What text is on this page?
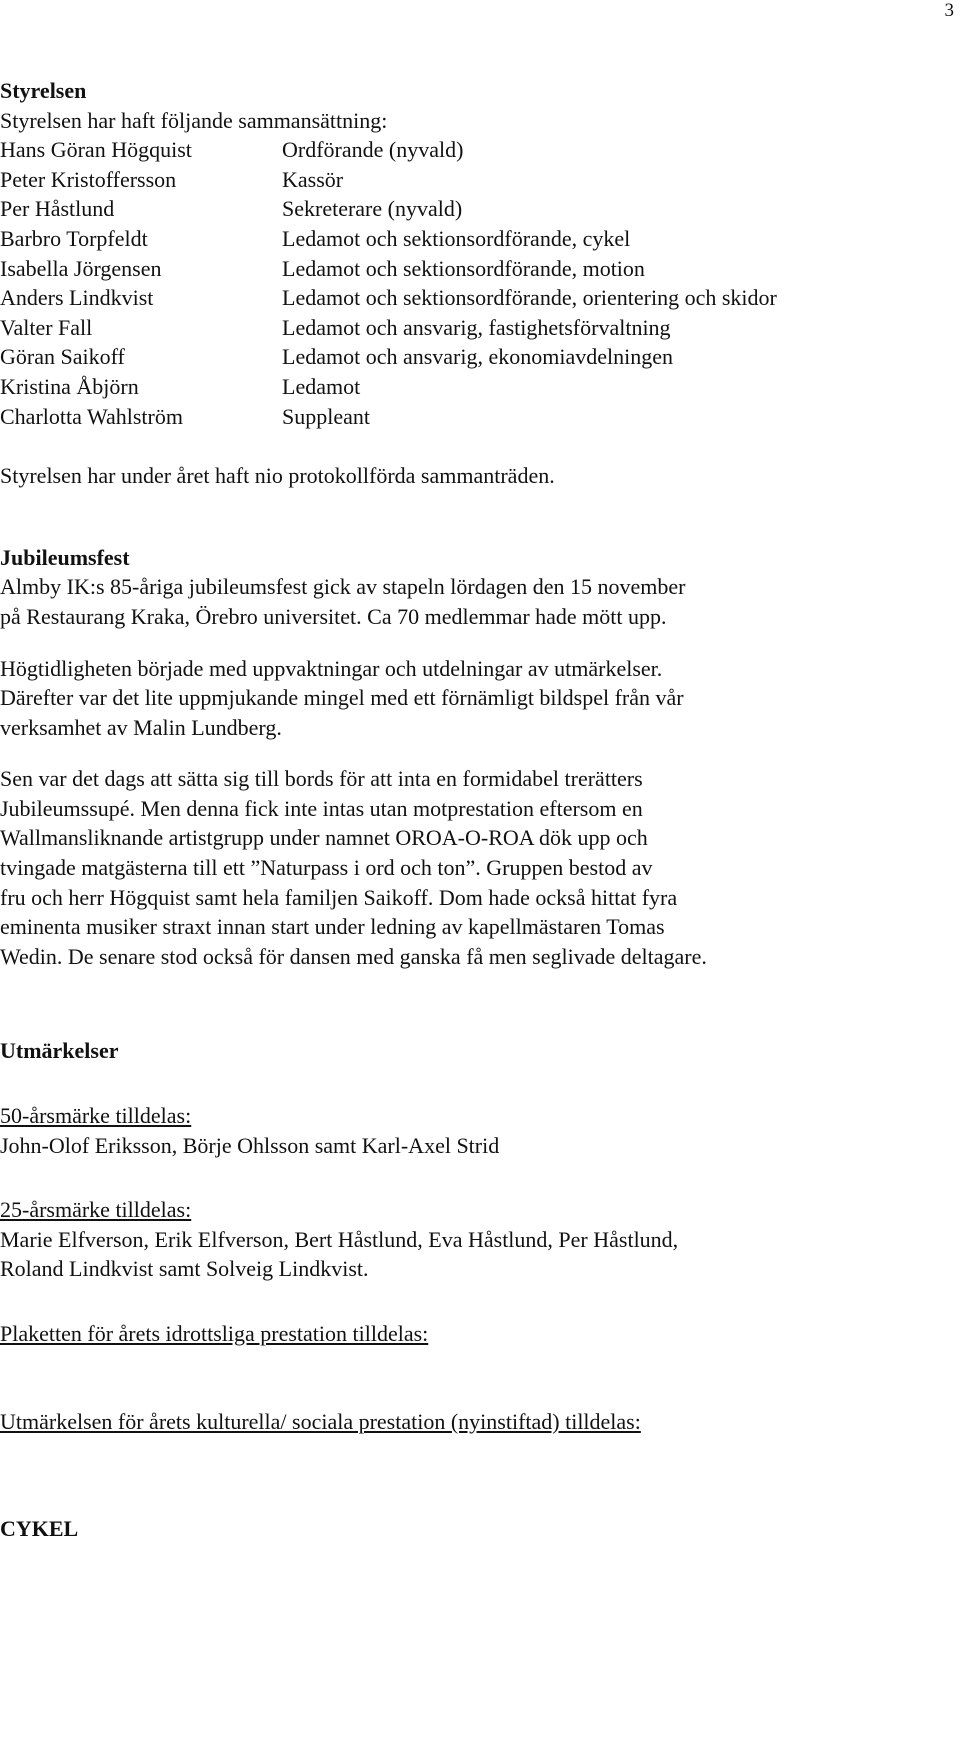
3
Styrelsen
Styrelsen har haft följande sammansättning:
Hans Göran Högquist	Ordförande (nyvald)
Peter Kristoffersson	Kassör
Per Håstlund	Sekreterare (nyvald)
Barbro Torpfeldt	Ledamot och sektionsordförande, cykel
Isabella Jörgensen	Ledamot och sektionsordförande, motion
Anders Lindkvist	Ledamot och sektionsordförande, orientering och skidor
Valter Fall	Ledamot och ansvarig, fastighetsförvaltning
Göran Saikoff	Ledamot och ansvarig, ekonomiavdelningen
Kristina Åbjörn	Ledamot
Charlotta Wahlström	Suppleant
Styrelsen har under året haft nio protokollförda sammanträden.
Jubileumsfest
Almby IK:s 85-åriga jubileumsfest gick av stapeln lördagen den 15 november
på Restaurang Kraka, Örebro universitet. Ca 70 medlemmar hade mött upp.
Högtidligheten började med uppvaktningar och utdelningar av utmärkelser.
Därefter var det lite uppmjukande mingel med ett förnämligt bildspel från vår
verksamhet av Malin Lundberg.
Sen var det dags att sätta sig till bords för att inta en formidabel trerätters
Jubileumssupé. Men denna fick inte intas utan motprestation eftersom en
Wallmansliknande artistgrupp under namnet OROA-O-ROA dök upp och
tvingade matgästerna till ett ”Naturpass i ord och ton”. Gruppen bestod av
fru och herr Högquist samt hela familjen Saikoff. Dom hade också hittat fyra
eminenta musiker straxt innan start under ledning av kapellmästaren Tomas
Wedin. De senare stod också för dansen med ganska få men seglivade deltagare.
Utmärkelser
50-årsmärke tilldelas:
John-Olof Eriksson, Börje Ohlsson samt Karl-Axel Strid
25-årsmärke tilldelas:
Marie Elfverson, Erik Elfverson, Bert Håstlund, Eva Håstlund, Per Håstlund,
Roland Lindkvist samt Solveig Lindkvist.
Plaketten för årets idrottsliga prestation tilldelas:
Utmärkelsen för årets kulturella/ sociala prestation (nyinstiftad) tilldelas:
CYKEL
